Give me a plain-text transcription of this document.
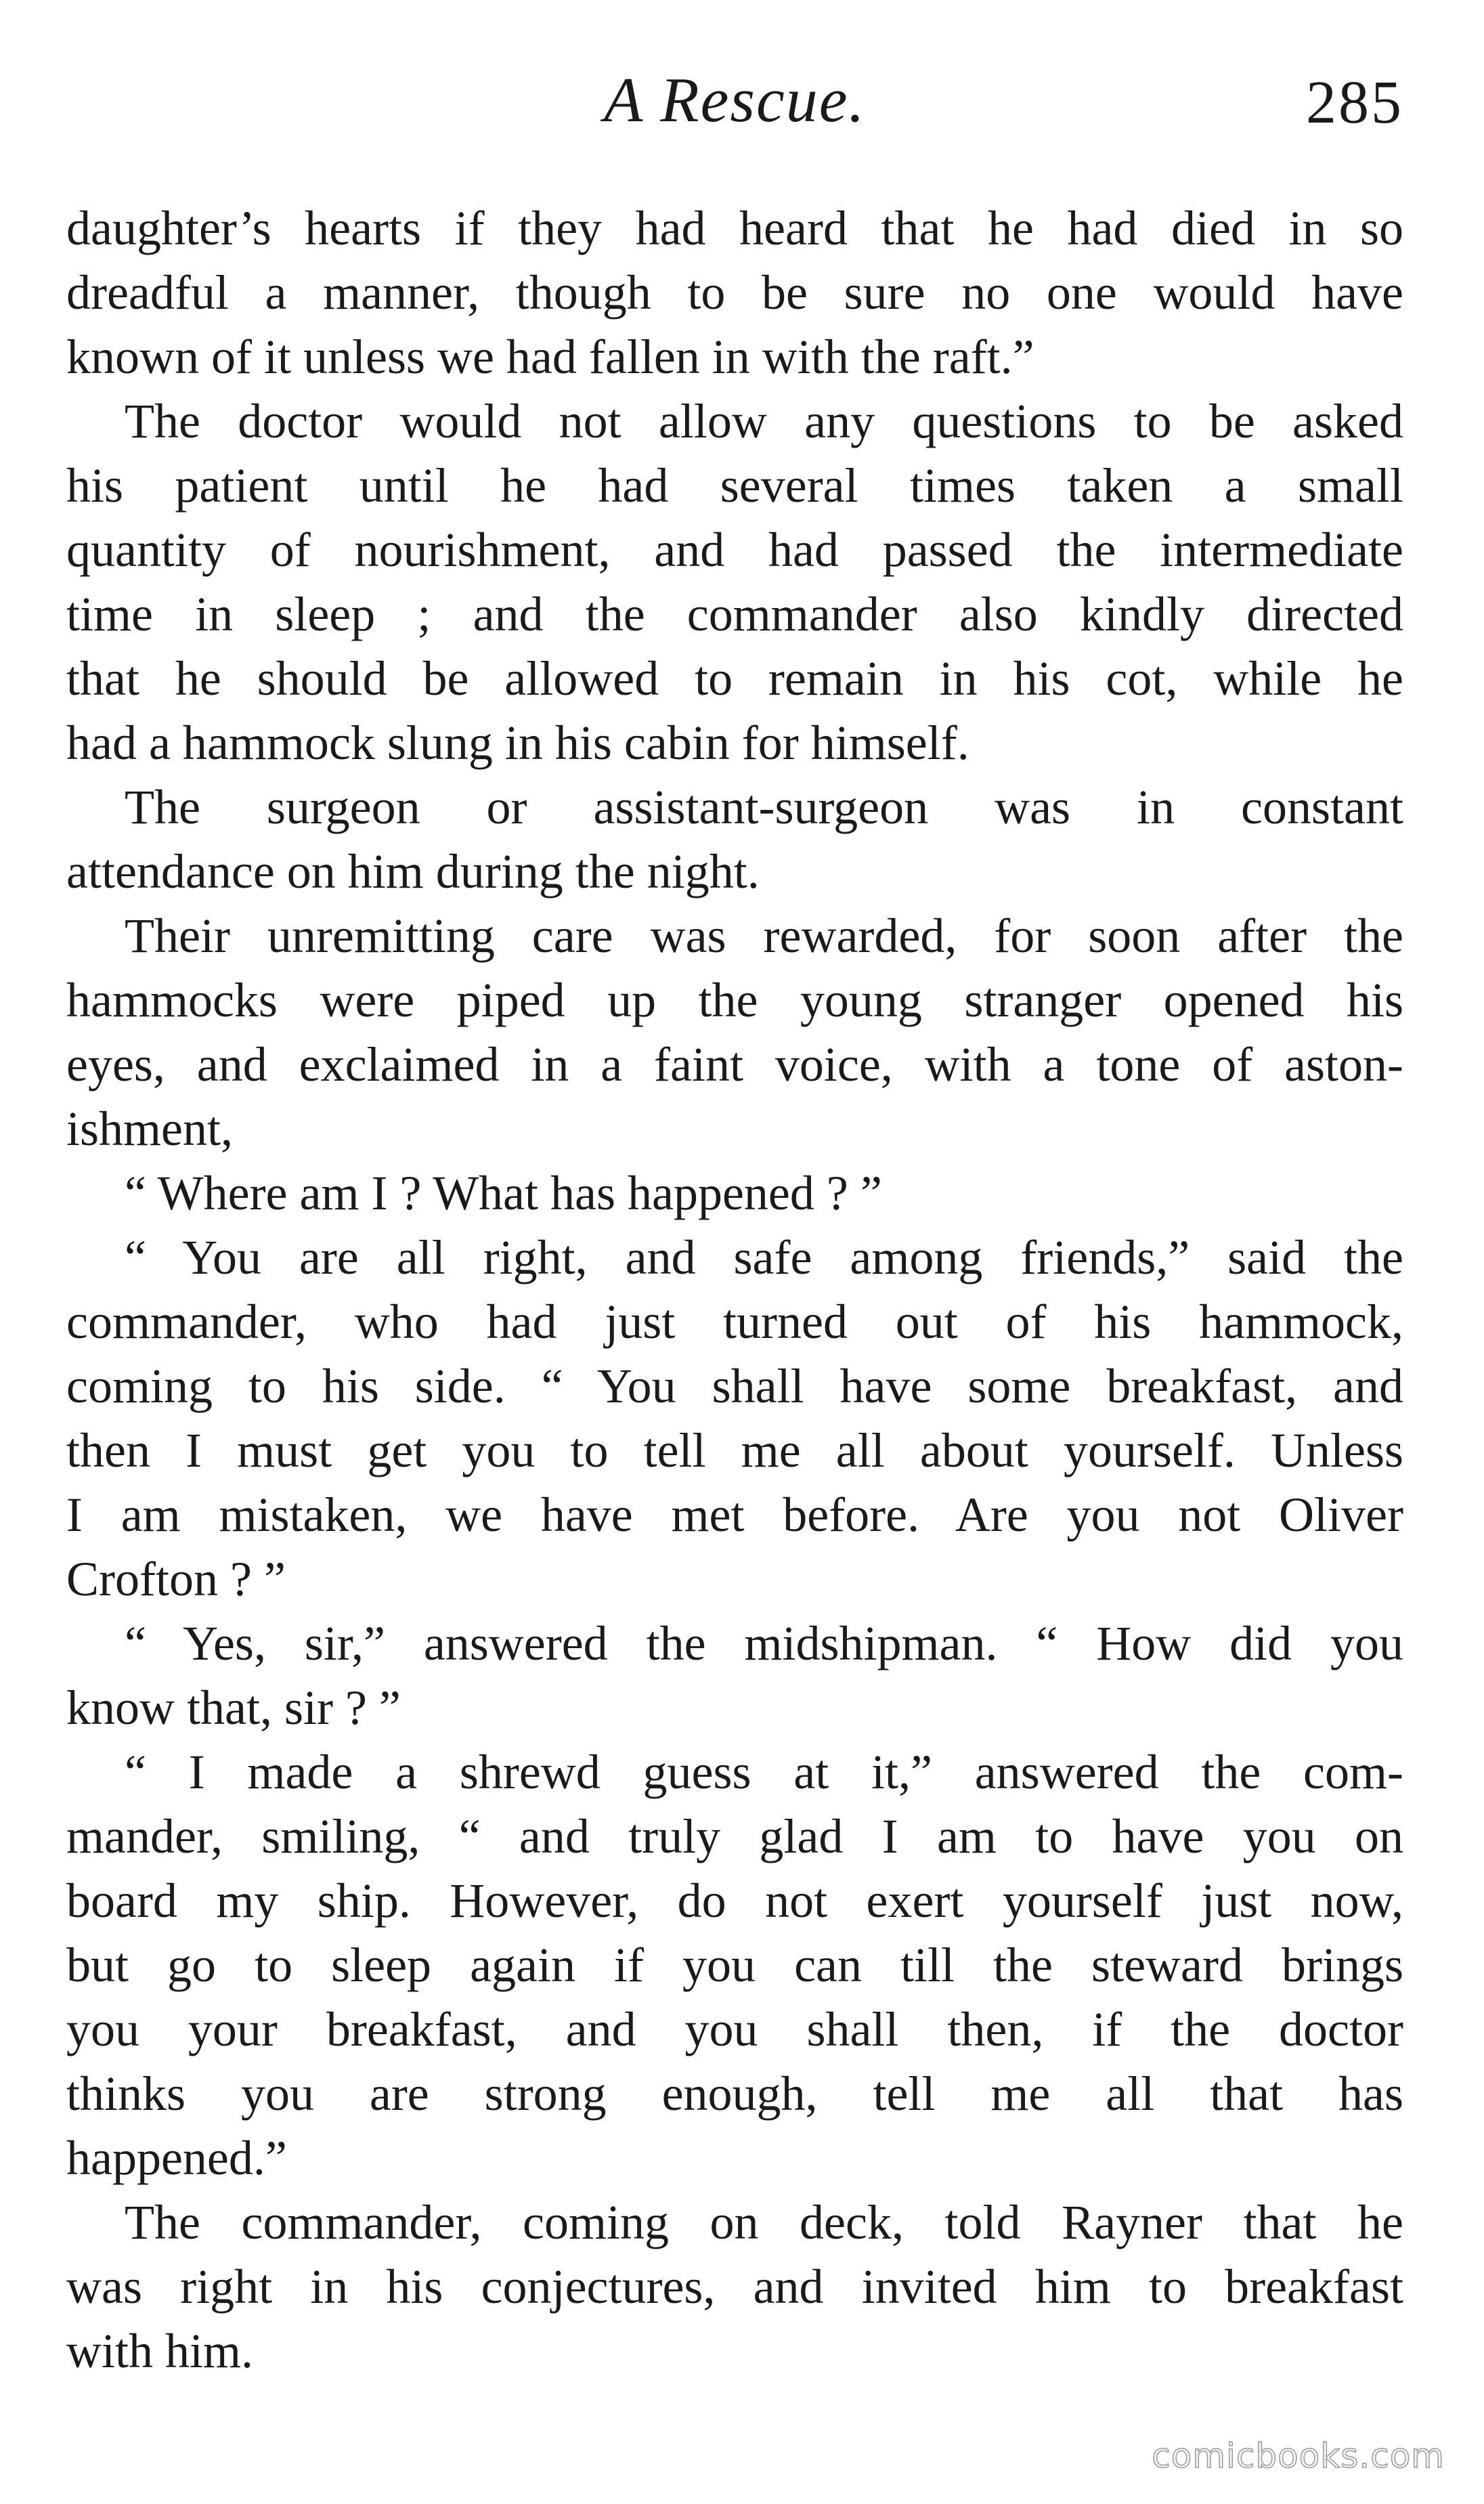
A Rescue.	285
daughter’s hearts if they had heard that he had died in so
dreadful a manner, though to be sure no one would have
known of it unless we had fallen in with the raft.”
The doctor would not allow any questions to be asked
his patient until he had several times taken a small
quantity of nourishment, and had passed the intermediate
time in sleep ; and the commander also kindly directed
that he should be allowed to remain in his cot, while he
had a hammock slung in his cabin for himself.
The surgeon or assistant-surgeon was in constant
attendance on him during the night.
Their unremitting care was rewarded, for soon after the
hammocks were piped up the young stranger opened his
eyes, and exclaimed in a faint voice, with a tone of aston-
ishment,
“ Where am I ? What has happened ? ”
“ You are all right, and safe among friends,” said the
commander, who had just turned out of his hammock,
coming to his side. “ You shall have some breakfast, and
then I must get you to tell me all about yourself. Unless
I am mistaken, we have met before. Are you not Oliver
Crofton ? ”
“ Yes, sir,” answered the midshipman. “ How did you
know that, sir ? ”
“ I made a shrewd guess at it,” answered the com-
mander, smiling, “ and truly glad I am to have you on
board my ship. However, do not exert yourself just now,
but go to sleep again if you can till the steward brings
you your breakfast, and you shall then, if the doctor
thinks you are strong enough, tell me all that has
happened.”
The commander, coming on deck, told Rayner that he
was right in his conjectures, and invited him to breakfast
with him.
comicbooks.com
